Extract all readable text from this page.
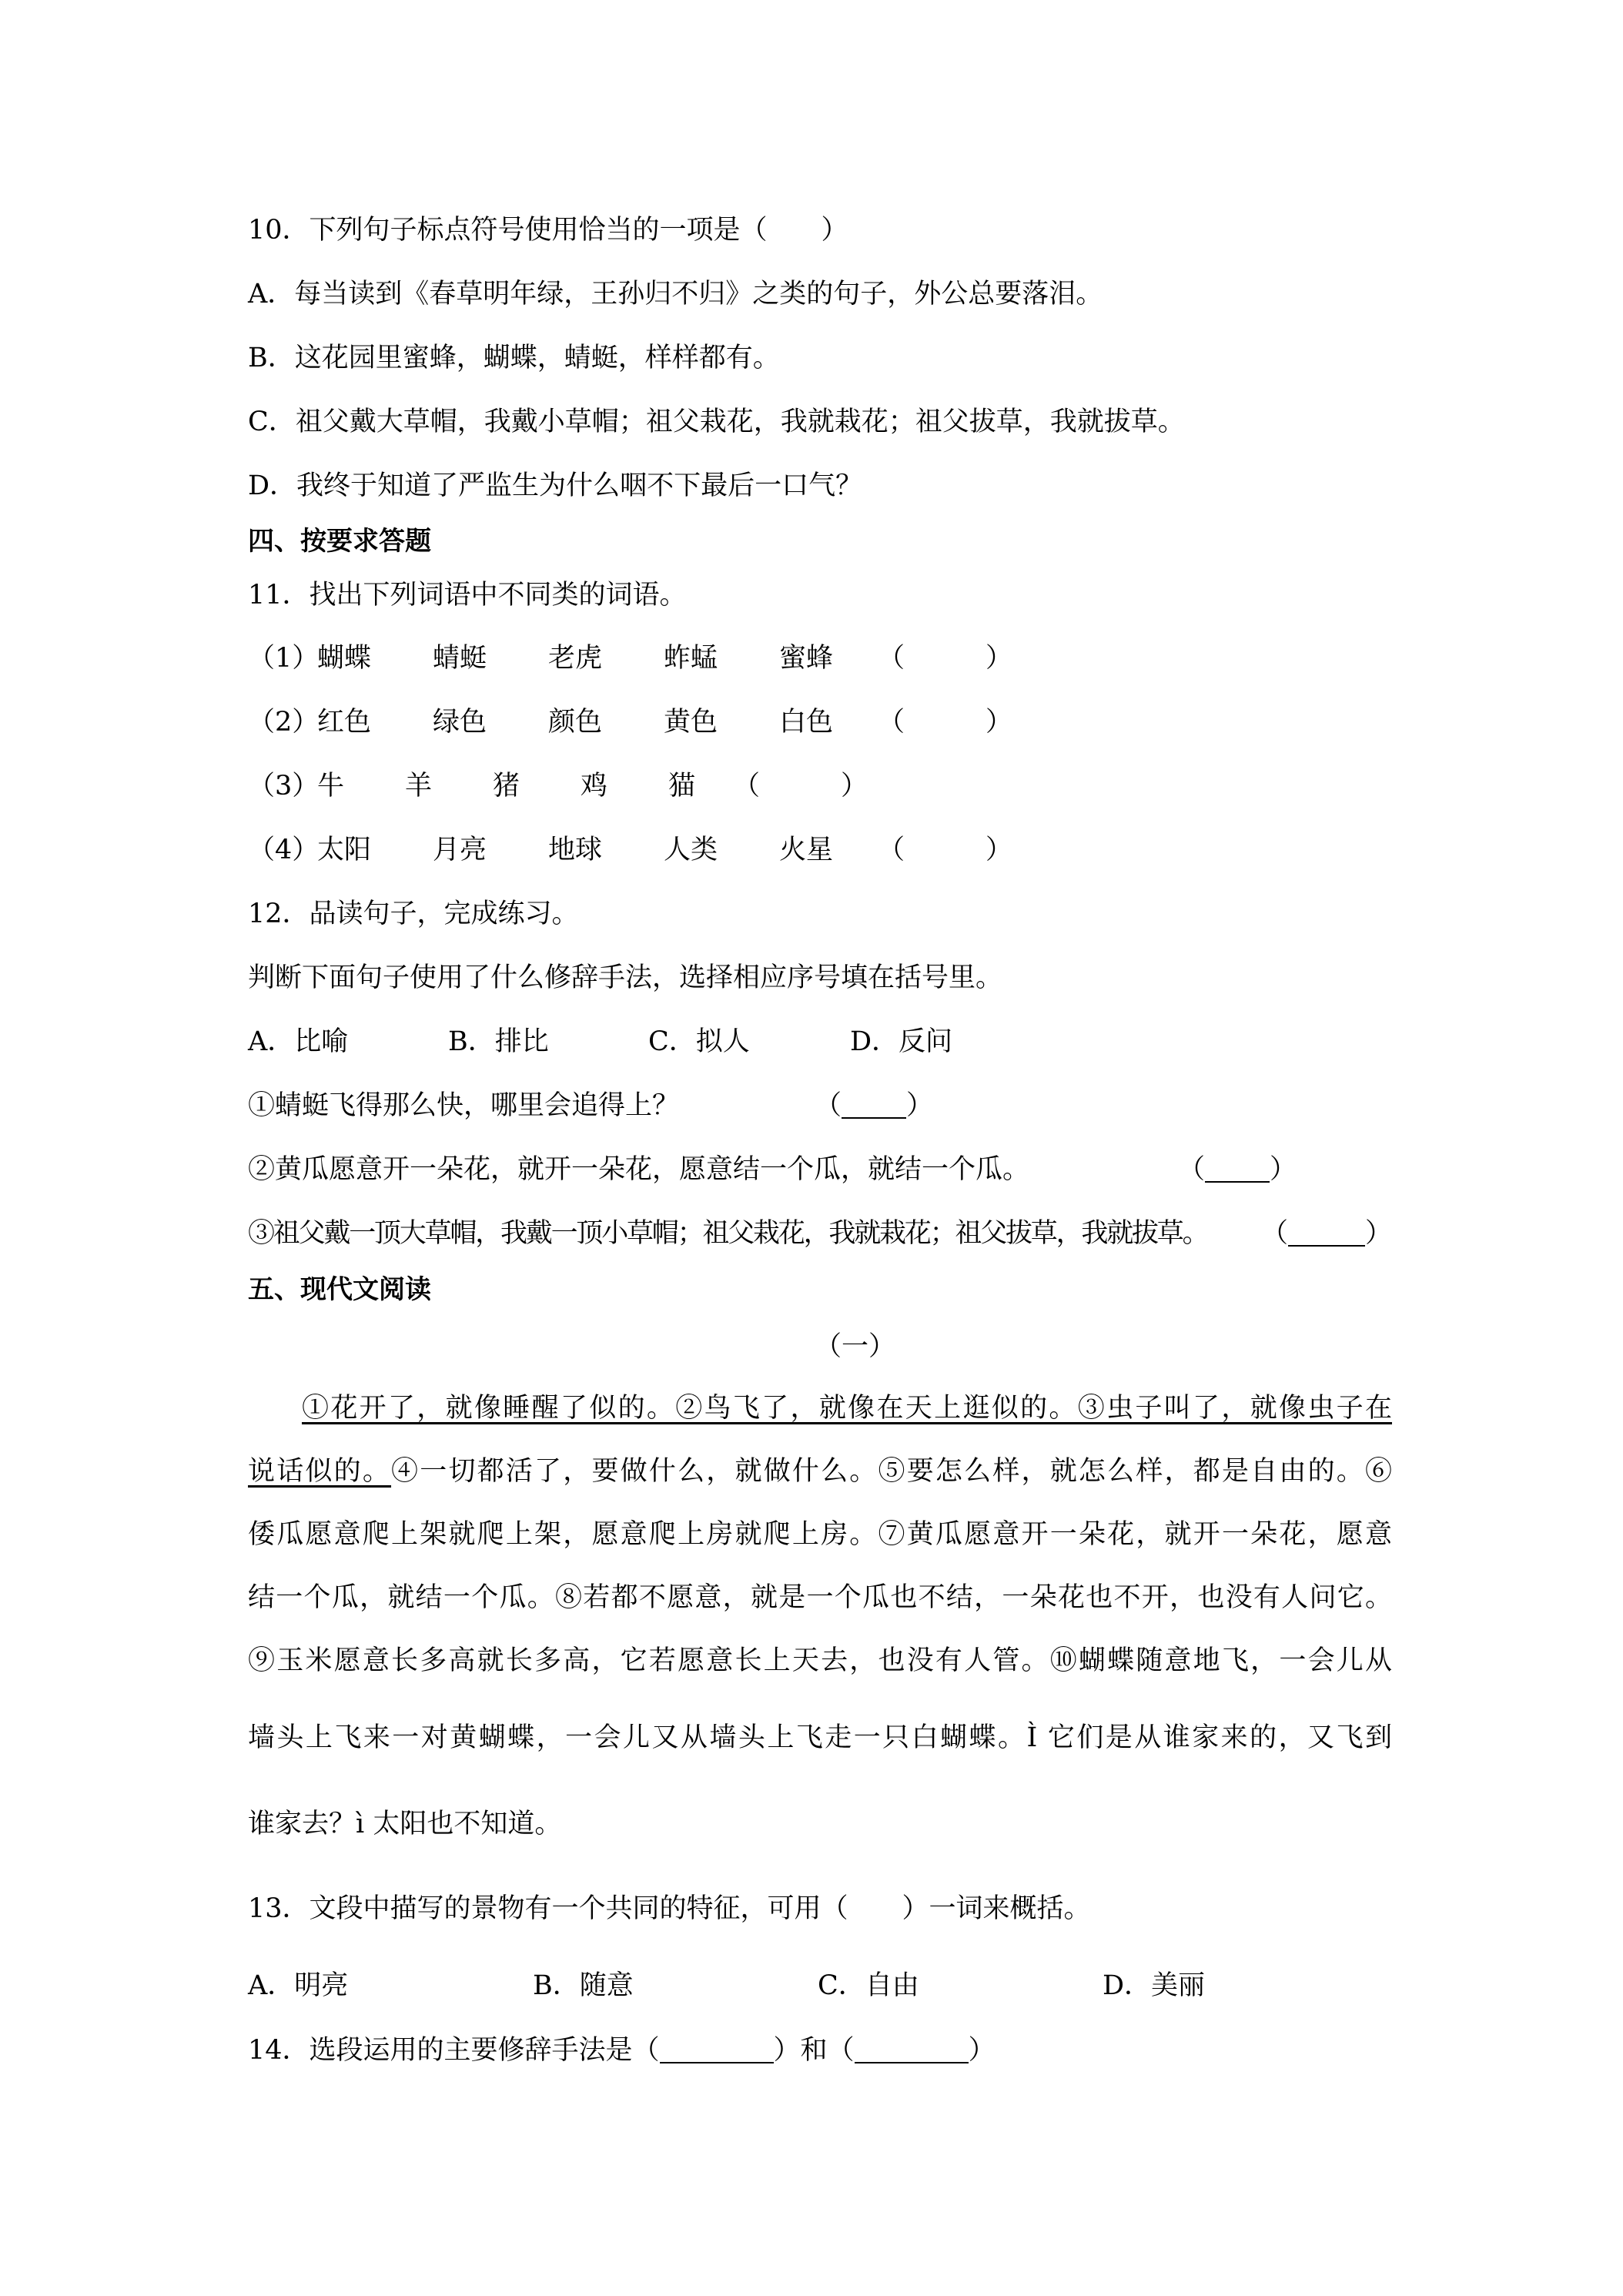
10．下列句子标点符号使用恰当的一项是（　　）
A．每当读到《春草明年绿，王孙归不归》之类的句子，外公总要落泪。
B．这花园里蜜蜂，蝴蝶，蜻蜓，样样都有。
C．祖父戴大草帽，我戴小草帽；祖父栽花，我就栽花；祖父拔草，我就拔草。
D．我终于知道了严监生为什么咽不下最后一口气？
四、按要求答题
11．找出下列词语中不同类的词语。
（1）
蝴蝶 蜻蜓 老虎 蚱蜢 蜜蜂 （　　　）
（2）
红色 绿色 颜色 黄色 白色 （　　　）
（3）
牛 羊 猪 鸡 猫 （　　　）
（4）
太阳 月亮 地球 人类 火星 （　　　）
12．品读句子，完成练习。
判断下面句子使用了什么修辞手法，选择相应序号填在括号里。
A．比喻	B．排比	C．拟人	D．反问
①蜻蜓飞得那么快，哪里会追得上？	（ ）
②黄瓜愿意开一朵花，就开一朵花，愿意结一个瓜，就结一个瓜。	（ ）
③祖父戴一顶大草帽，我戴一顶小草帽；祖父栽花，我就栽花；祖父拔草，我就拔草。 （	）
五、现代文阅读
（一）
①花开了，就像睡醒了似的。②鸟飞了，就像在天上逛似的。③虫子叫了，就像虫子在
说话似的。④一切都活了，要做什么，就做什么。⑤要怎么样，就怎么样，都是自由的。⑥
倭瓜愿意爬上架就爬上架，愿意爬上房就爬上房。⑦黄瓜愿意开一朵花，就开一朵花，愿意
结一个瓜，就结一个瓜。⑧若都不愿意，就是一个瓜也不结，一朵花也不开，也没有人问它。
⑨玉米愿意长多高就长多高，它若愿意长上天去，也没有人管。⑩蝴蝶随意地飞，一会儿从
墙头上飞来一对黄蝴蝶，一会儿又从墙头上飞走一只白蝴蝶。Ì 它们是从谁家来的，又飞到
谁家去？ì 太阳也不知道。
13．文段中描写的景物有一个共同的特征，可用（　　）一词来概括。
A．明亮	B．随意	C．自由	D．美丽
14．选段运用的主要修辞手法是（	）和（	）
